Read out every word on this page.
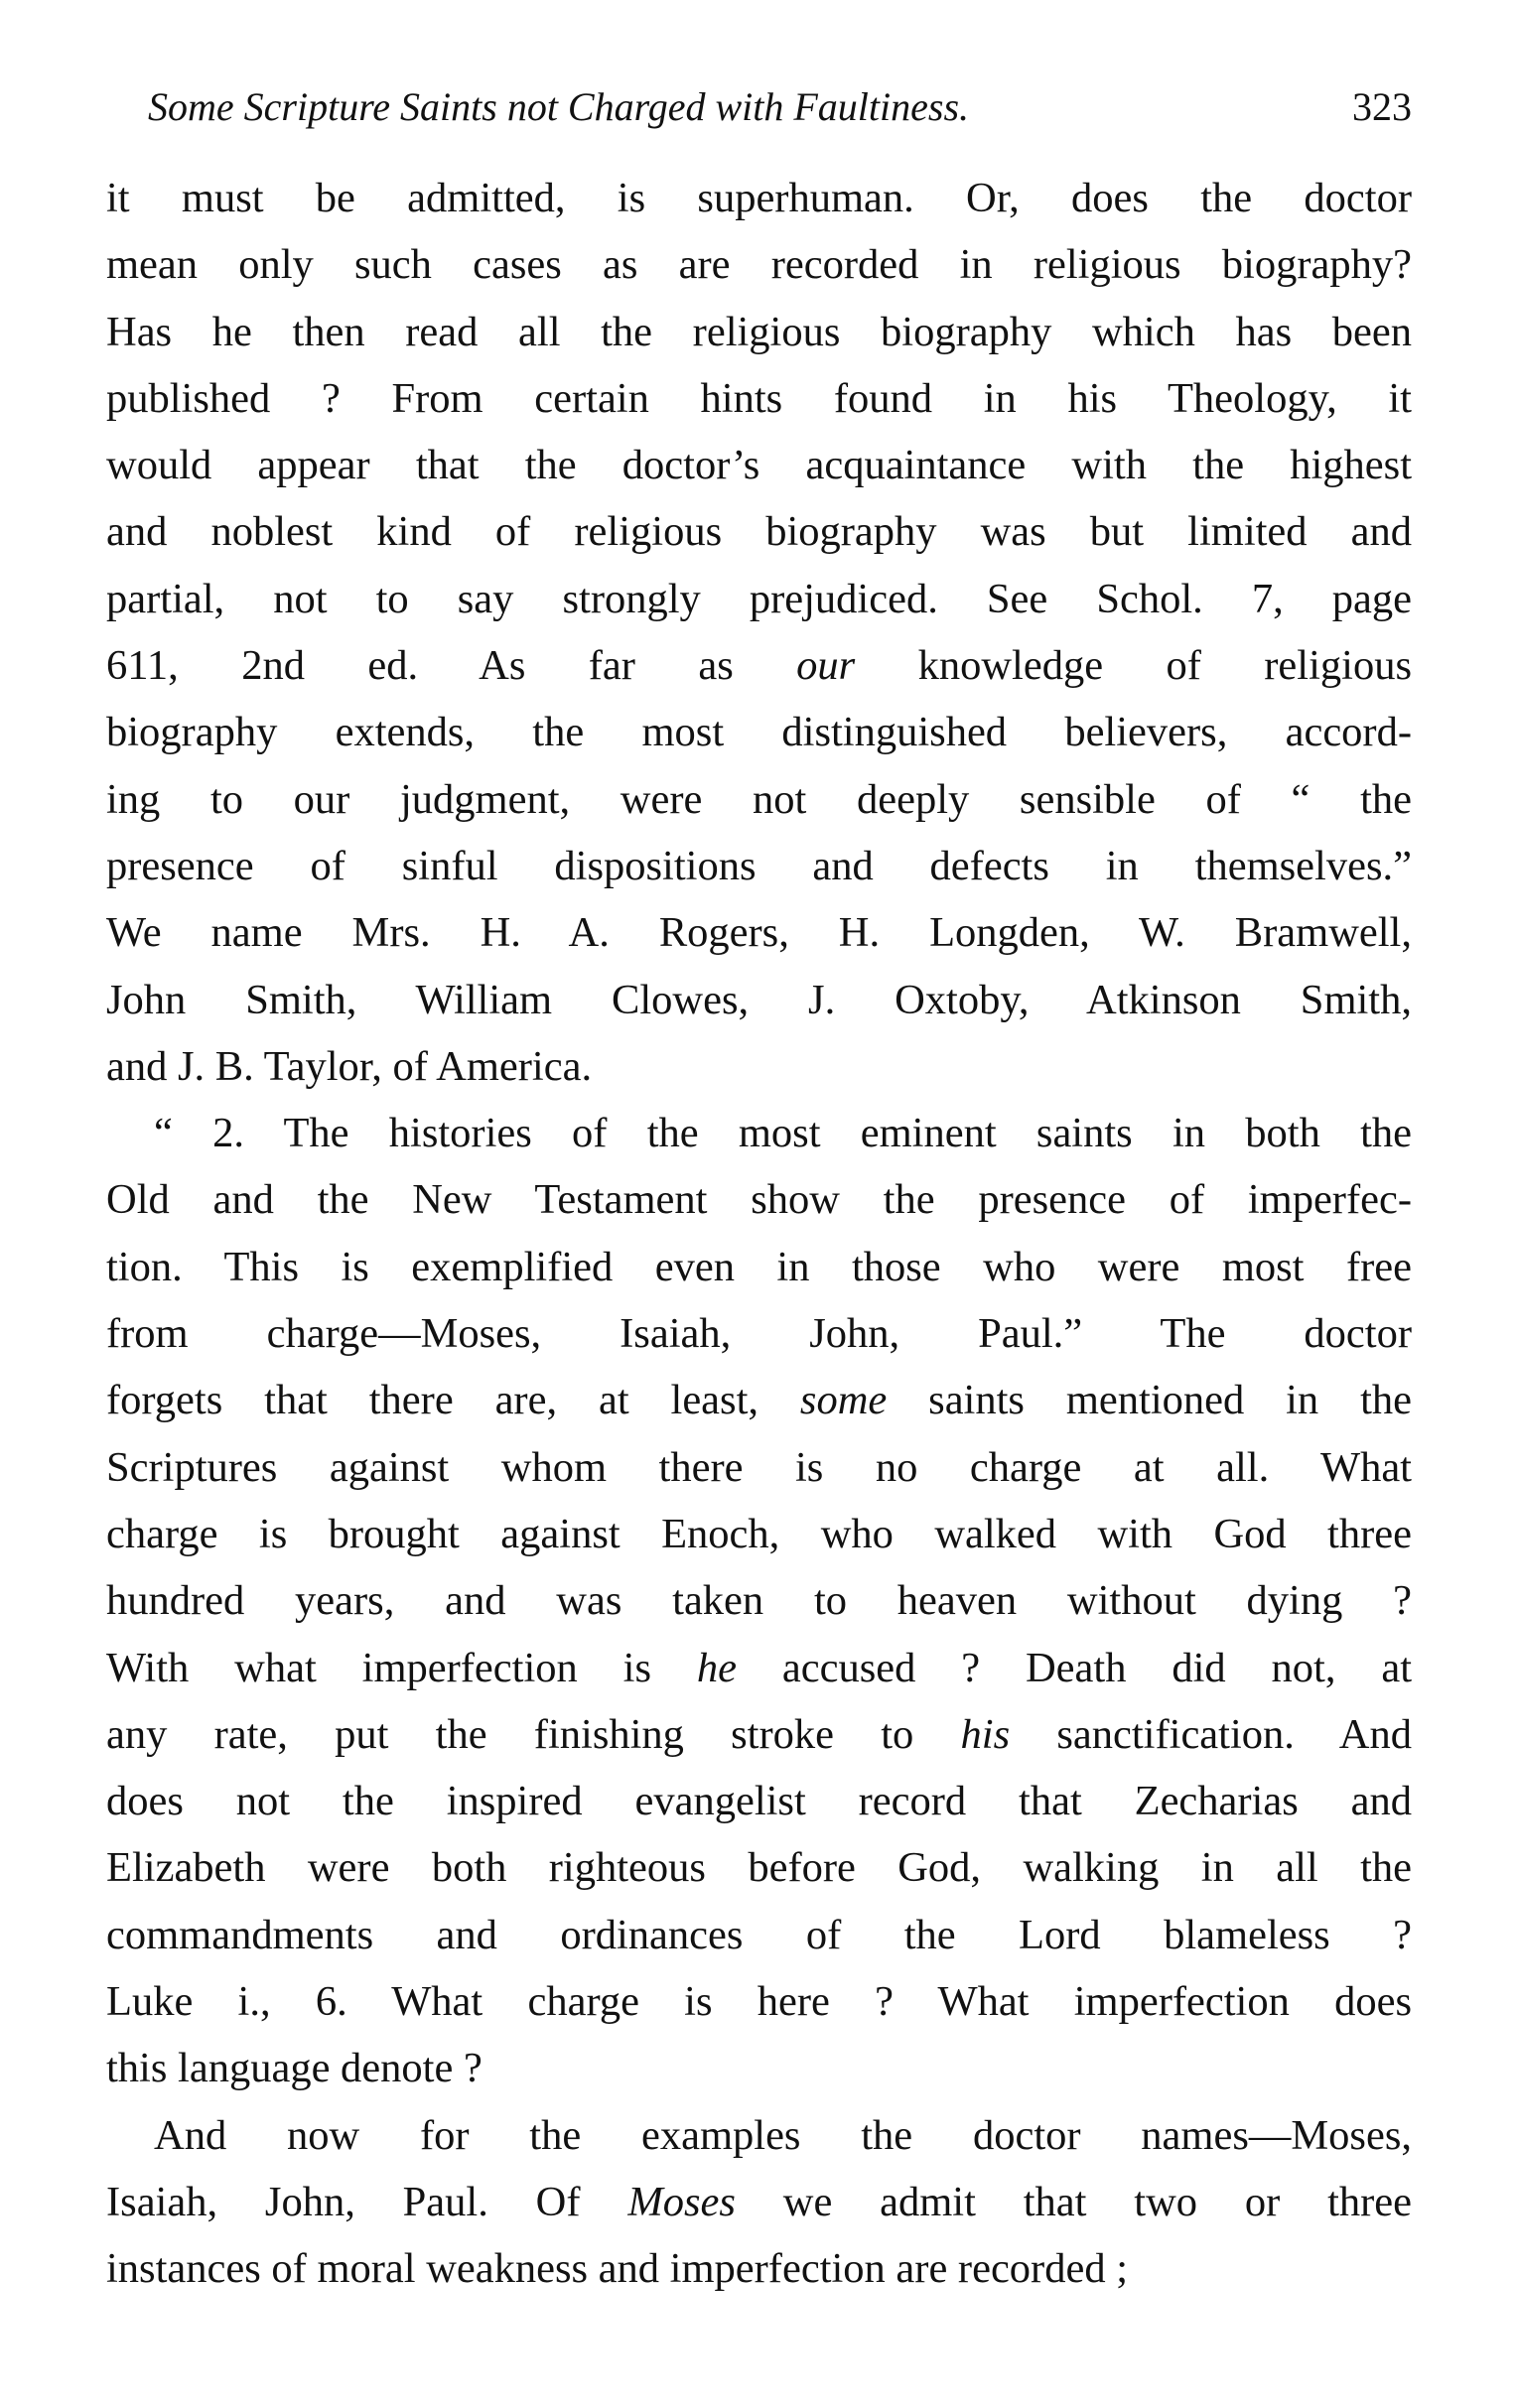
Some Scripture Saints not Charged with Faultiness.	323

it must be admitted, is superhuman. Or, does the doctor
mean only such cases as are recorded in religious biography?
Has he then read all the religious biography which has been
published ? From certain hints found in his Theology, it
would appear that the doctor’s acquaintance with the highest
and noblest kind of religious biography was but limited and
partial, not to say strongly prejudiced. See Schol. 7, page
611, 2nd ed. As far as our knowledge of religious
biography extends, the most distinguished believers, accord-
ing to our judgment, were not deeply sensible of “ the
presence of sinful dispositions and defects in themselves.”
We name Mrs. H. A. Rogers, H. Longden, W. Bramwell,
John Smith, William Clowes, J. Oxtoby, Atkinson Smith,
and J. B. Taylor, of America.

“ 2. The histories of the most eminent saints in both the
Old and the New Testament show the presence of imperfec-
tion. This is exemplified even in those who were most free
from charge—Moses, Isaiah, John, Paul.” The doctor
forgets that there are, at least, some saints mentioned in the
Scriptures against whom there is no charge at all. What
charge is brought against Enoch, who walked with God three
hundred years, and was taken to heaven without dying ?
With what imperfection is he accused ? Death did not, at
any rate, put the finishing stroke to his sanctification. And
does not the inspired evangelist record that Zecharias and
Elizabeth were both righteous before God, walking in all the
commandments and ordinances of the Lord blameless ?
Luke i., 6. What charge is here ? What imperfection does
this language denote ?

And now for the examples the doctor names—Moses,
Isaiah, John, Paul. Of Moses we admit that two or three
instances of moral weakness and imperfection are recorded ;
